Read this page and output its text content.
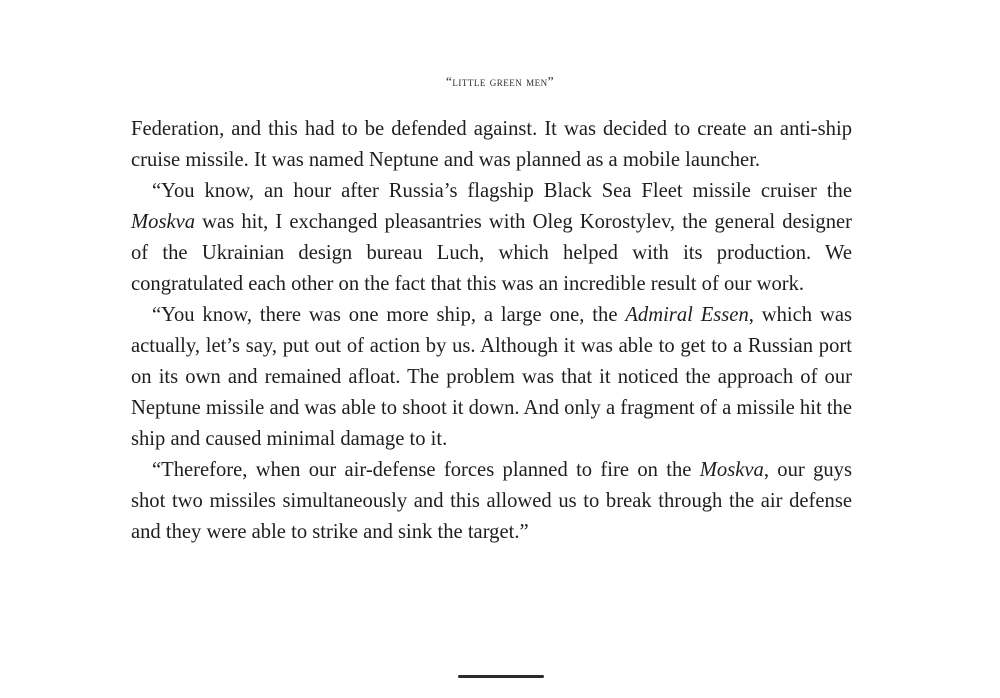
“little green men”

Federation, and this had to be defended against. It was decided to create an anti-ship cruise missile. It was named Neptune and was planned as a mobile launcher.

“You know, an hour after Russia’s flagship Black Sea Fleet missile cruiser the Moskva was hit, I exchanged pleasantries with Oleg Korostylev, the general designer of the Ukrainian design bureau Luch, which helped with its production. We congratulated each other on the fact that this was an incredible result of our work.

“You know, there was one more ship, a large one, the Admiral Essen, which was actually, let’s say, put out of action by us. Although it was able to get to a Russian port on its own and remained afloat. The problem was that it noticed the approach of our Neptune missile and was able to shoot it down. And only a fragment of a missile hit the ship and caused minimal damage to it.

“Therefore, when our air-defense forces planned to fire on the Moskva, our guys shot two missiles simultaneously and this allowed us to break through the air defense and they were able to strike and sink the target.”
